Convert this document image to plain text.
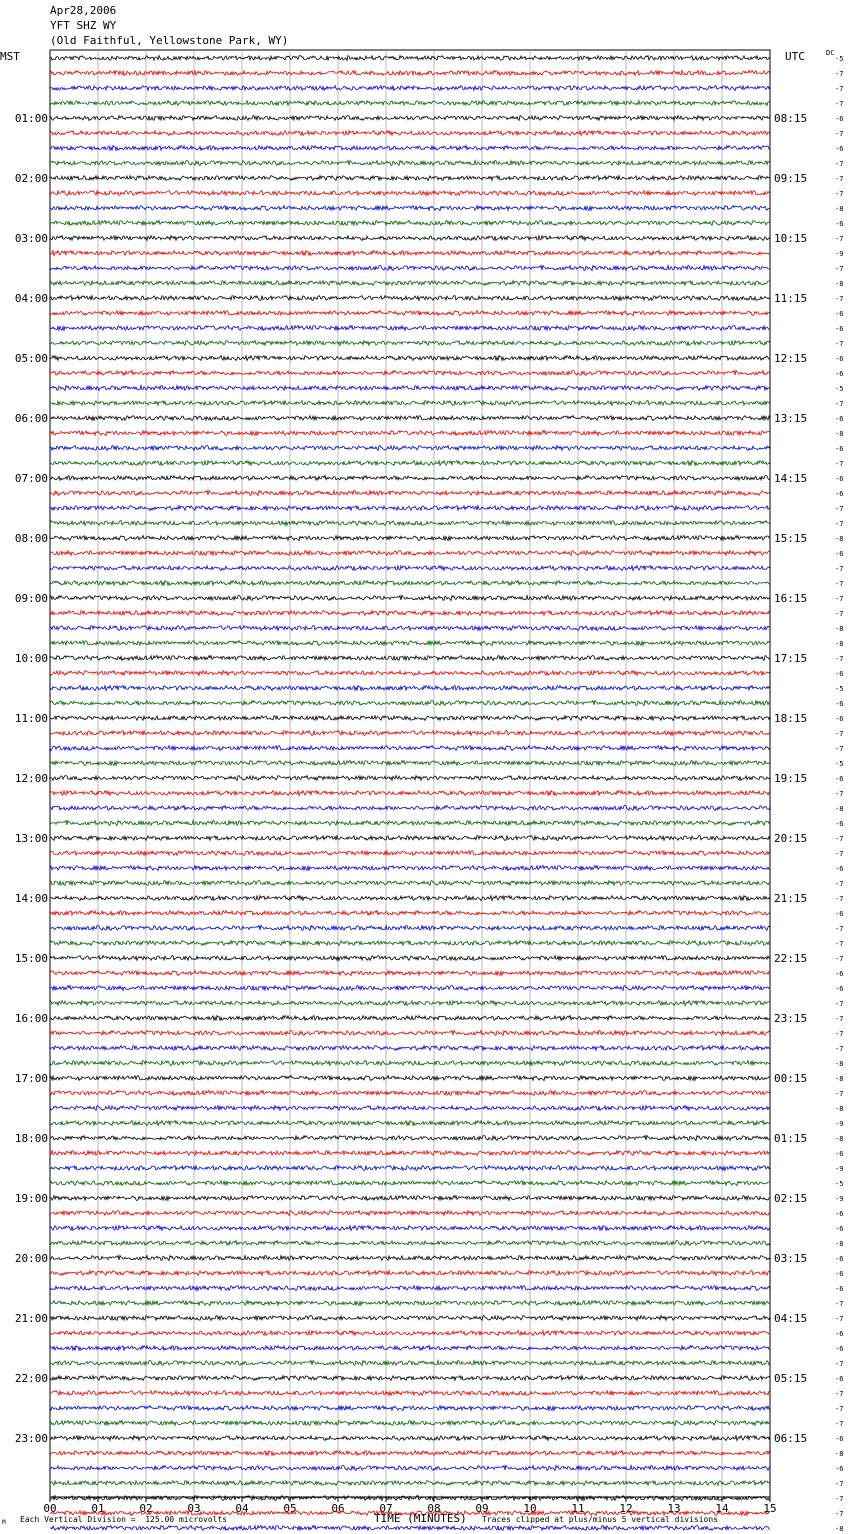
Apr28,2006
YFT SHZ WY
(Old Faithful, Yellowstone Park, WY)
MST	UTC	DC
00	01	02	03	04	05	06	07	08	09	10	11	12	13	14	15
-5
-7
-7
-7
-6
-7
-6
-7
-7
-7
-8
-6
-7
-9
-7
-8
-7
-6
-6
-7
-6
-6
-5
-7
-6
-8
-6
-7
-6
-6
-7
-7
-8
-6
-7
-7
-7
-7
-8
-8
-7
-6
-5
-6
-6
-7
-7
-5
-6
-7
-8
-6
-7
-7
-6
-7
-7
-6
-7
-7
-7
-6
-6
-7
-7
-7
-7
-8
-8
-7
-8
-9
-8
-6
-9
-5
-9
-6
-6
-8
-6
-6
-6
-7
-7
-6
-6
-7
-6
-7
-7
-7
-6
-8
-6
-7
-7
-7
-8
01:00
02:00
03:00
04:00
05:00
06:00
07:00
08:00
09:00
10:00
11:00
12:00
13:00
14:00
15:00
16:00
17:00
18:00
19:00
20:00
21:00
22:00
23:00
08:15
09:15
10:15
11:15
12:15
13:15
14:15
15:15
16:15
17:15
18:15
19:15
20:15
21:15
22:15
23:15
00:15
01:15
02:15
03:15
04:15
05:15
06:15
M Each Vertical Division =  125.00 microvolts	TIME (MINUTES) Traces clipped at plus/minus 5 vertical divisions
